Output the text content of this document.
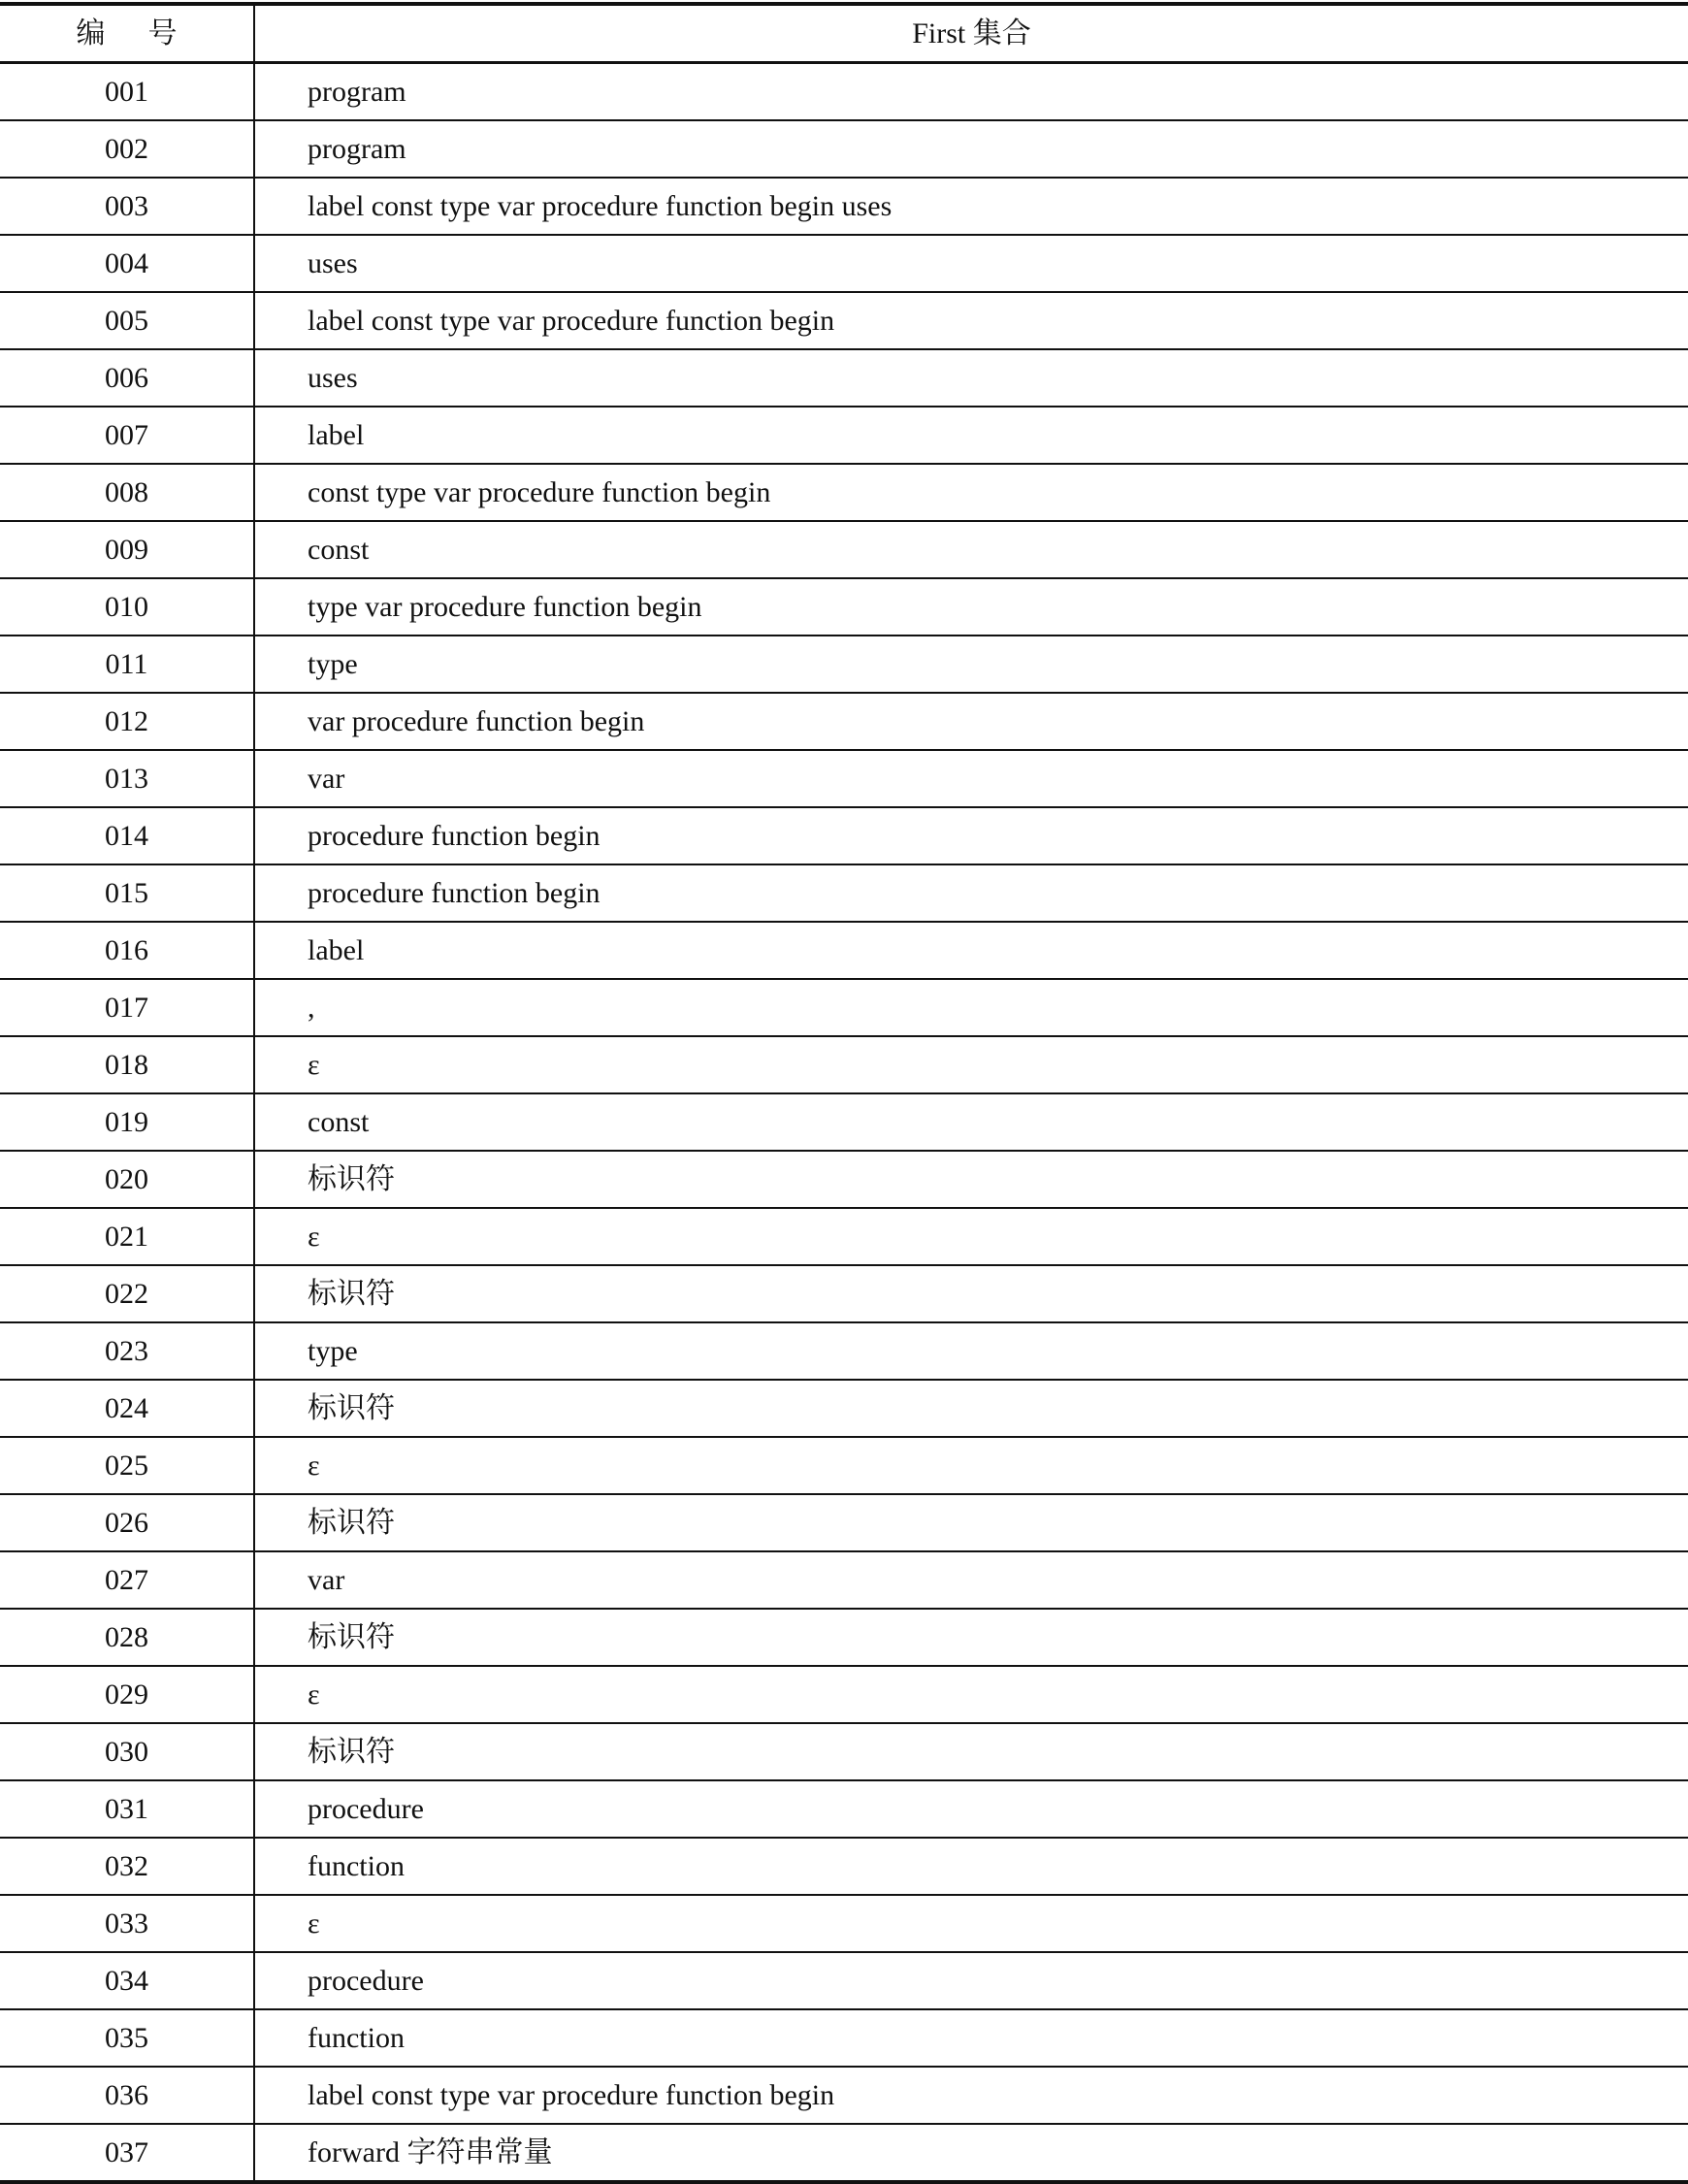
编号	First 集合
001	program
002	program
003	label const type var procedure function begin uses
004	uses
005	label const type var procedure function begin
006	uses
007	label
008	const type var procedure function begin
009	const
010	type var procedure function begin
011	type
012	var procedure function begin
013	var
014	procedure function begin
015	procedure function begin
016	label
017	,
018	ε
019	const
020	标识符
021	ε
022	标识符
023	type
024	标识符
025	ε
026	标识符
027	var
028	标识符
029	ε
030	标识符
031	procedure
032	function
033	ε
034	procedure
035	function
036	label const type var procedure function begin
037	forward 字符串常量
